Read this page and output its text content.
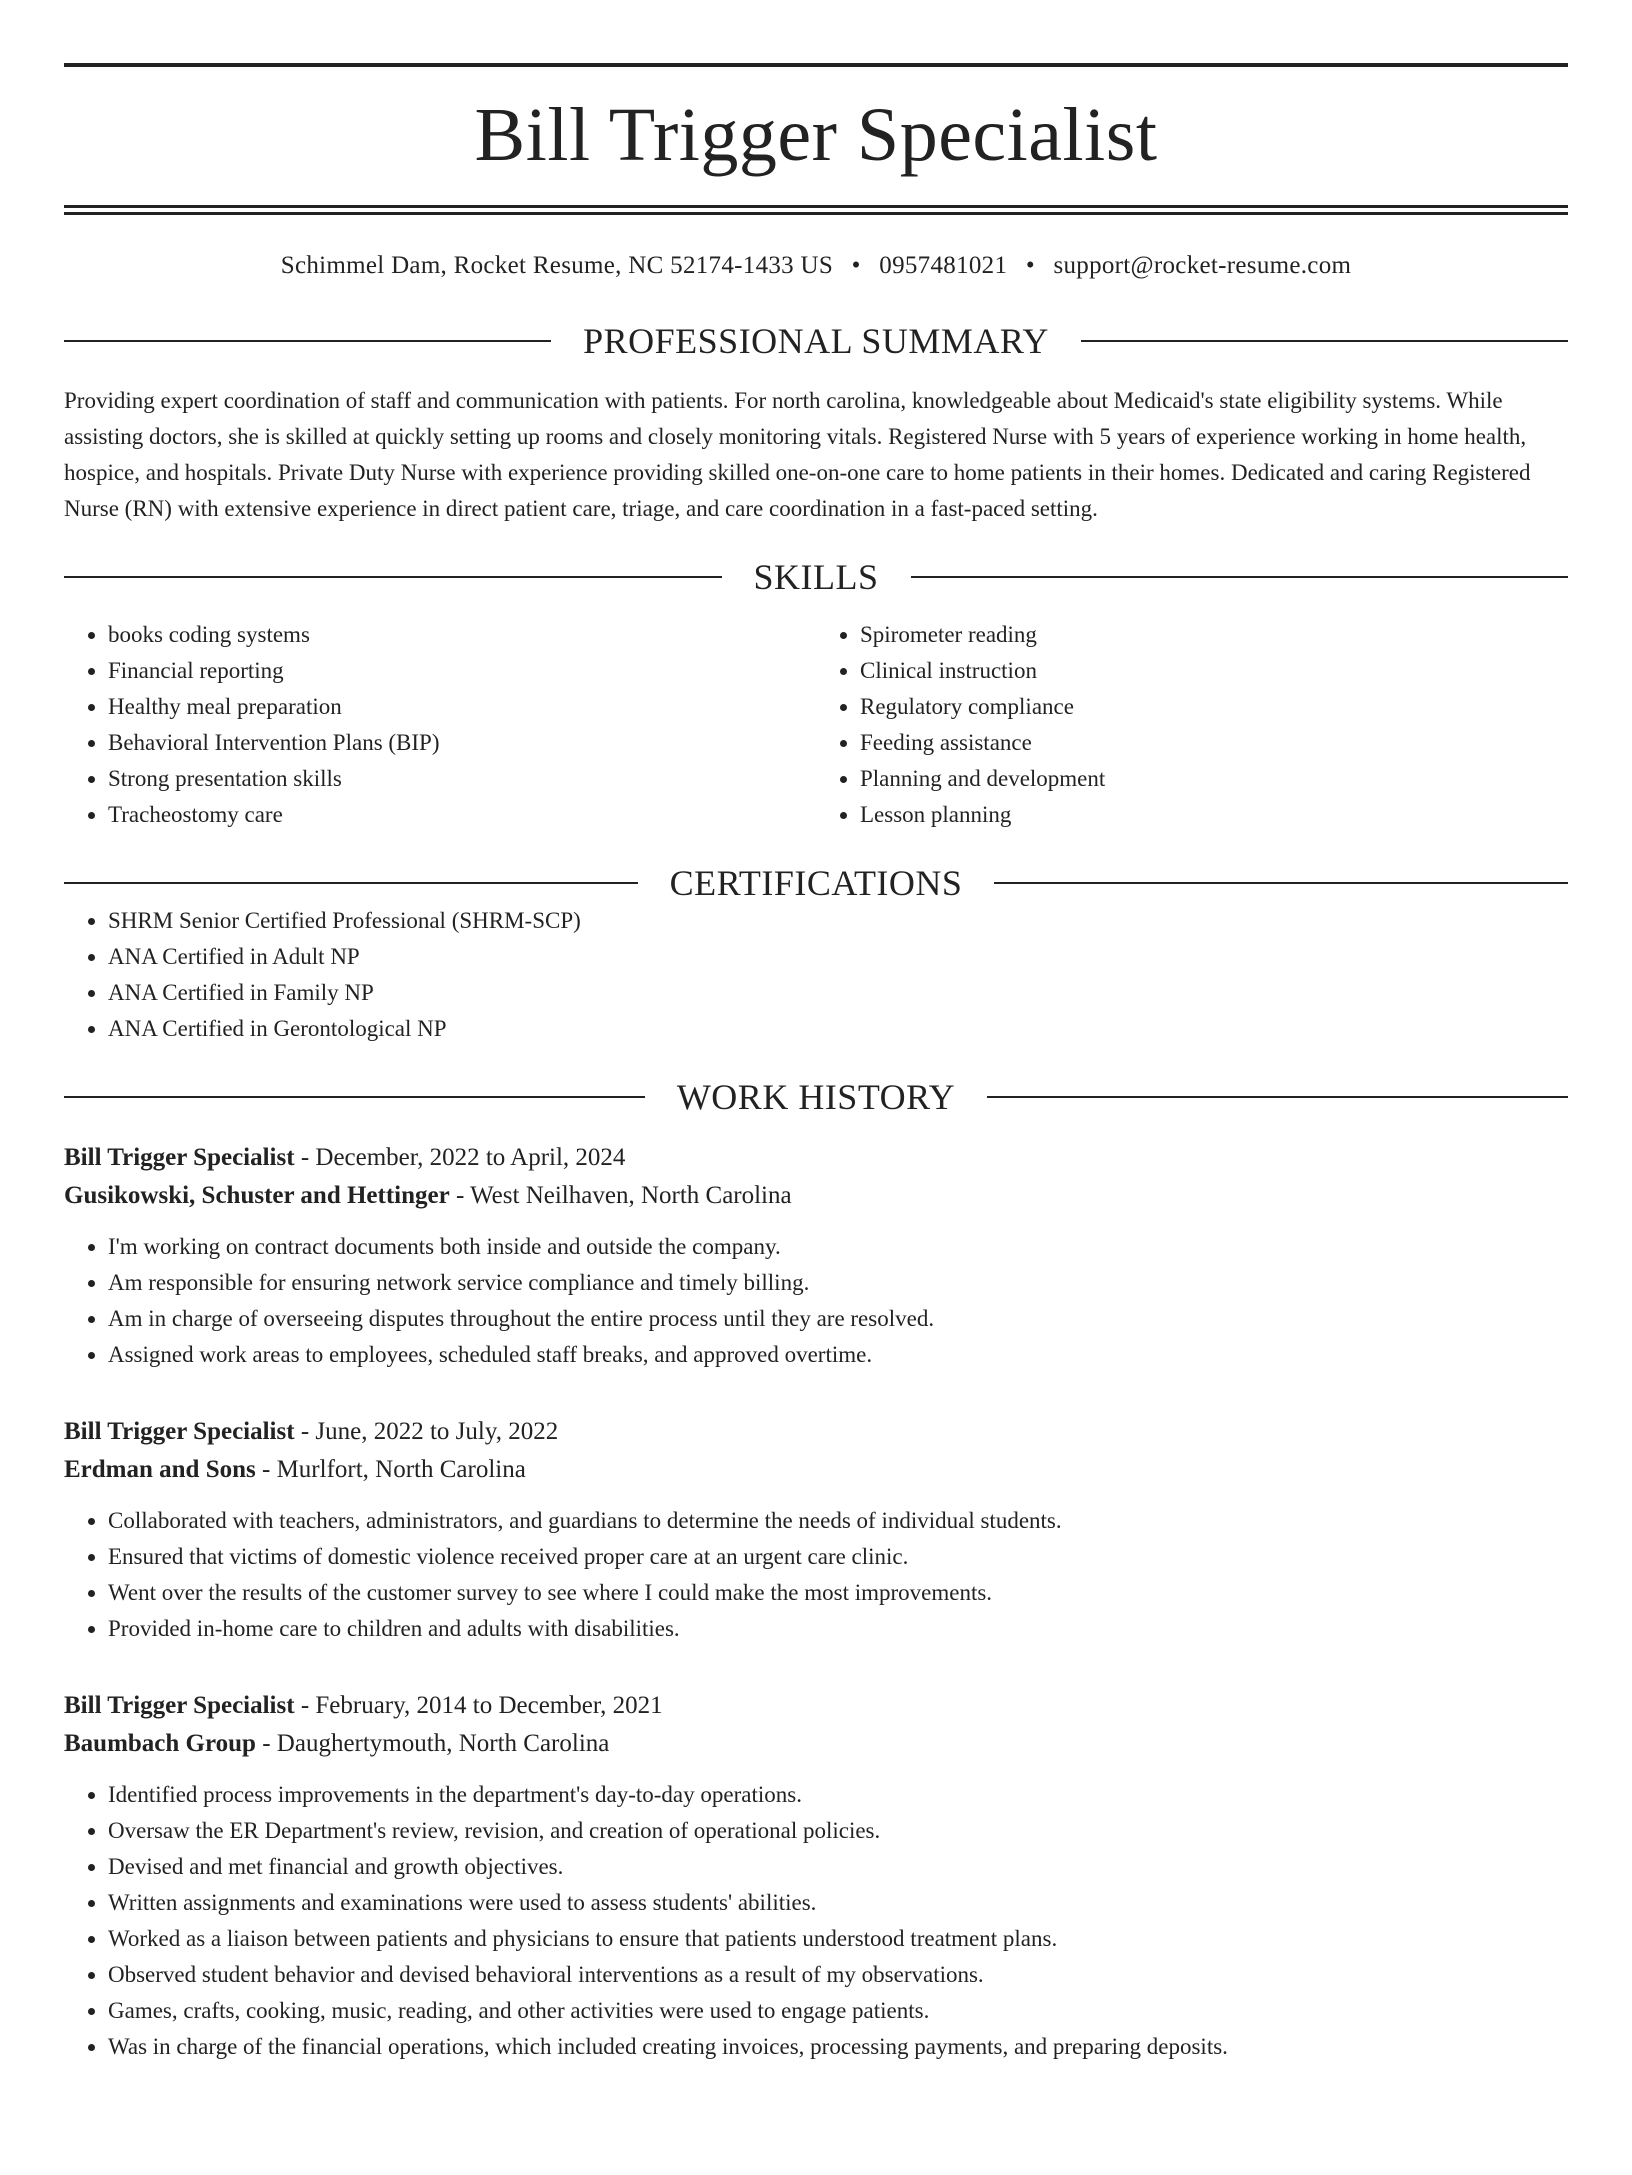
Bill Trigger Specialist
Schimmel Dam, Rocket Resume, NC 52174-1433 US • 0957481021 • support@rocket-resume.com
PROFESSIONAL SUMMARY

Providing expert coordination of staff and communication with patients. For north carolina, knowledgeable about Medicaid's state eligibility systems. While assisting doctors, she is skilled at quickly setting up rooms and closely monitoring vitals. Registered Nurse with 5 years of experience working in home health, hospice, and hospitals. Private Duty Nurse with experience providing skilled one-on-one care to home patients in their homes. Dedicated and caring Registered Nurse (RN) with extensive experience in direct patient care, triage, and care coordination in a fast-paced setting.

SKILLS
• books coding systems
• Financial reporting
• Healthy meal preparation
• Behavioral Intervention Plans (BIP)
• Strong presentation skills
• Tracheostomy care
• Spirometer reading
• Clinical instruction
• Regulatory compliance
• Feeding assistance
• Planning and development
• Lesson planning
CERTIFICATIONS
• SHRM Senior Certified Professional (SHRM-SCP)
• ANA Certified in Adult NP
• ANA Certified in Family NP
• ANA Certified in Gerontological NP
WORK HISTORY
Bill Trigger Specialist - December, 2022 to April, 2024
Gusikowski, Schuster and Hettinger - West Neilhaven, North Carolina
• I'm working on contract documents both inside and outside the company.
• Am responsible for ensuring network service compliance and timely billing.
• Am in charge of overseeing disputes throughout the entire process until they are resolved.
• Assigned work areas to employees, scheduled staff breaks, and approved overtime.
Bill Trigger Specialist - June, 2022 to July, 2022
Erdman and Sons - Murlfort, North Carolina
• Collaborated with teachers, administrators, and guardians to determine the needs of individual students.
• Ensured that victims of domestic violence received proper care at an urgent care clinic.
• Went over the results of the customer survey to see where I could make the most improvements.
• Provided in-home care to children and adults with disabilities.
Bill Trigger Specialist - February, 2014 to December, 2021
Baumbach Group - Daughertymouth, North Carolina
• Identified process improvements in the department's day-to-day operations.
• Oversaw the ER Department's review, revision, and creation of operational policies.
• Devised and met financial and growth objectives.
• Written assignments and examinations were used to assess students' abilities.
• Worked as a liaison between patients and physicians to ensure that patients understood treatment plans.
• Observed student behavior and devised behavioral interventions as a result of my observations.
• Games, crafts, cooking, music, reading, and other activities were used to engage patients.
• Was in charge of the financial operations, which included creating invoices, processing payments, and preparing deposits.
